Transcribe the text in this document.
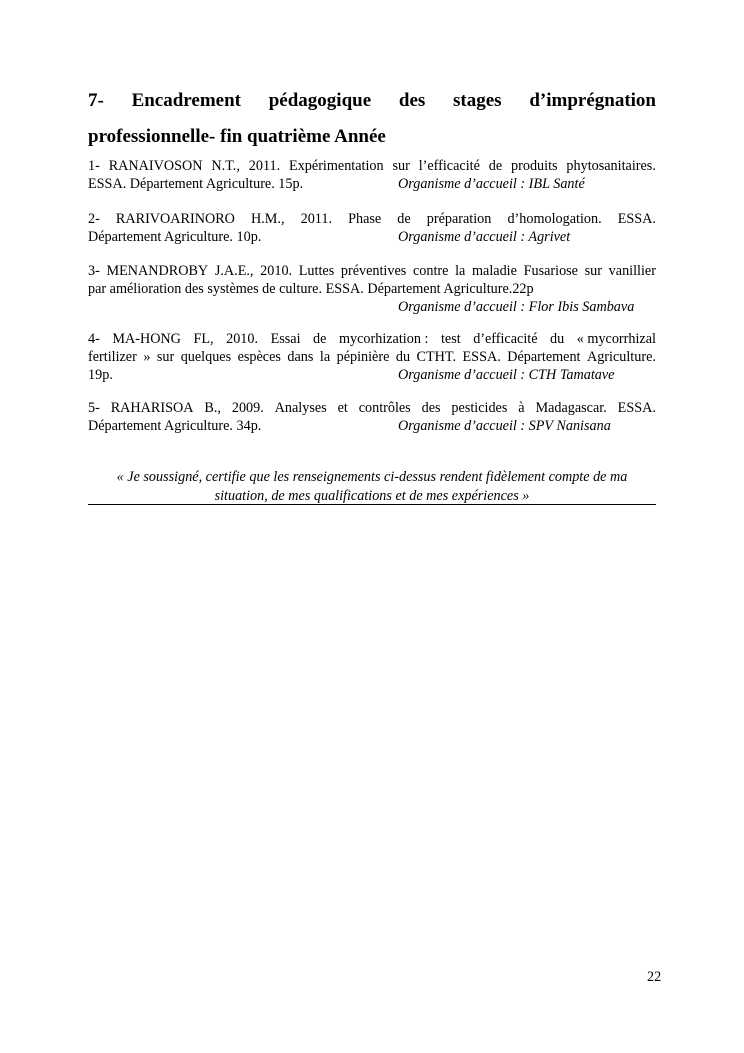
7- Encadrement pédagogique des stages d’imprégnation
professionnelle- fin quatrième Année
1- RANAIVOSON N.T., 2011. Expérimentation sur l’efficacité de produits phytosanitaires.
ESSA. Département Agriculture. 15p.	Organisme d’accueil : IBL Santé
2- RARIVOARINORO H.M., 2011. Phase de préparation d’homologation. ESSA.
Département Agriculture. 10p.	Organisme d’accueil : Agrivet
3- MENANDROBY J.A.E., 2010. Luttes préventives contre la maladie Fusariose sur vanillier
par amélioration des systèmes de culture. ESSA. Département Agriculture.22p
Organisme d’accueil : Flor Ibis Sambava
4- MA-HONG FL, 2010. Essai de mycorhization : test d’efficacité du « mycorrhizal
fertilizer » sur quelques espèces dans la pépinière du CTHT. ESSA. Département Agriculture.
19p.	Organisme d’accueil : CTH Tamatave
5- RAHARISOA B., 2009. Analyses et contrôles des pesticides à Madagascar. ESSA.
Département Agriculture. 34p.	Organisme d’accueil : SPV Nanisana
« Je soussigné, certifie que les renseignements ci-dessus rendent fidèlement compte de ma
situation, de mes qualifications et de mes expériences »
22
